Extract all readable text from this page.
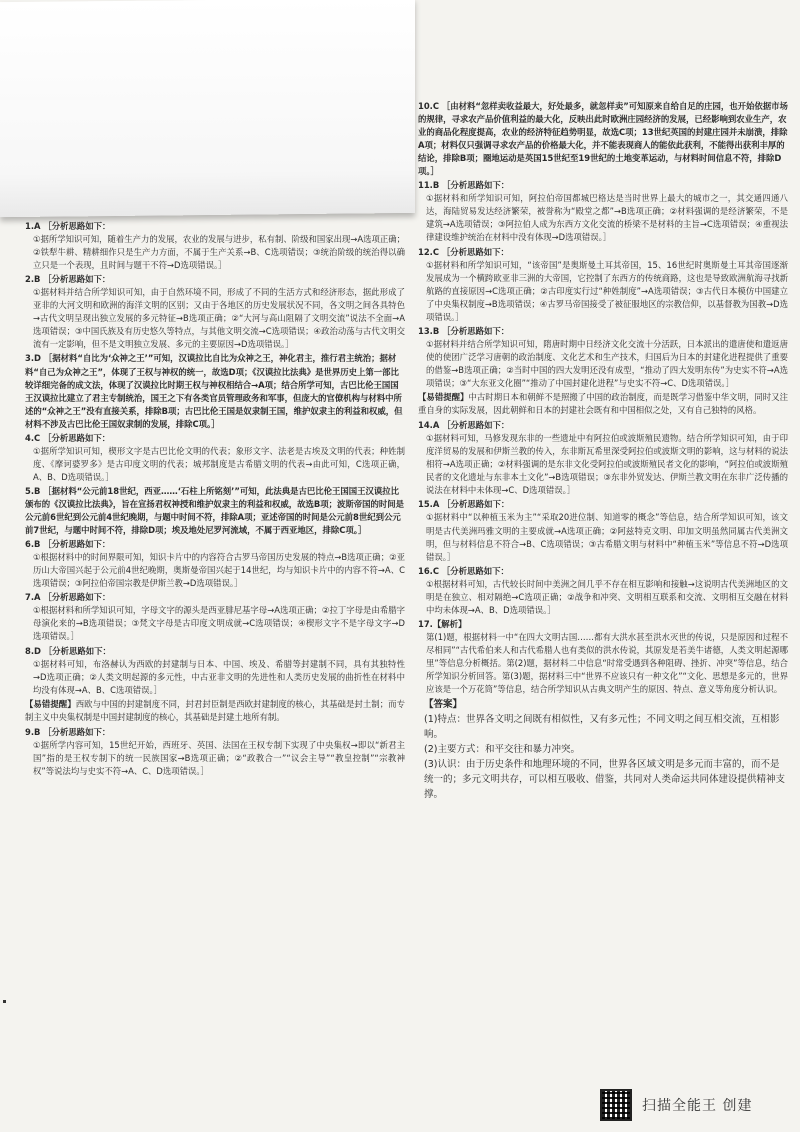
1.A ［分析思路如下：
①据所学知识可知，随着生产力的发展，农业的发展与进步，私有制、阶级和国家出现→A选项正确；②铁犁牛耕、精耕细作只是生产力方面，不属于生产关系→B、C选项错误；③统治阶级的统治得以确立只是一个表现，且时间与题干不符→D选项错误。］
2.B ［分析思路如下：
①据材料并结合所学知识可知，由于自然环境不同，形成了不同的生活方式和经济形态，据此形成了亚非的大河文明和欧洲的海洋文明的区别；又由于各地区的历史发展状况不同，各文明之间各具特色→古代文明呈现出独立发展的多元特征→B选项正确；②“大河与高山阻隔了文明交流”说法不全面→A选项错误；③中国氏族及有历史悠久等特点，与其他文明交流→C选项错误；④政治动荡与古代文明交流有一定影响，但不是文明独立发展、多元的主要原因→D选项错误。］
3.D ［据材料“自比为‘众神之王’”可知，汉谟拉比自比为众神之王，神化君主，推行君主统治；据材料“自己为众神之王”，体现了王权与神权的统一，故选D项；《汉谟拉比法典》是世界历史上第一部比较详细完备的成文法，体现了汉谟拉比时期王权与神权相结合→A项；结合所学可知，古巴比伦王国国王汉谟拉比建立了君主专制统治，国王之下有各类官员管理政务和军事，但庞大的官僚机构与材料中所述的“众神之王”没有直接关系，排除B项；古巴比伦王国是奴隶制王国，维护奴隶主的利益和权威，但材料不涉及古巴比伦王国奴隶制的发展，排除C项。］
4.C ［分析思路如下：
①据所学知识可知，楔形文字是古巴比伦文明的代表；象形文字、法老是古埃及文明的代表；种姓制度、《摩诃婆罗多》是古印度文明的代表；城邦制度是古希腊文明的代表→由此可知，C选项正确，A、B、D选项错误。］
5.B ［据材料“公元前18世纪，西亚……‘石柱上所铭刻’”可知，此法典是古巴比伦王国国王汉谟拉比颁布的《汉谟拉比法典》，旨在宣扬君权神授和维护奴隶主的利益和权威，故选B项；波斯帝国的时间是公元前6世纪到公元前4世纪晚期，与题中时间不符，排除A项；亚述帝国的时间是公元前8世纪到公元前7世纪，与题中时间不符，排除D项；埃及地处尼罗河流域，不属于西亚地区，排除C项。］
6.B ［分析思路如下：
①根据材料中的时间界限可知，知识卡片中的内容符合古罗马帝国历史发展的特点→B选项正确；②亚历山大帝国兴起于公元前4世纪晚期，奥斯曼帝国兴起于14世纪，均与知识卡片中的内容不符→A、C选项错误；③阿拉伯帝国宗教是伊斯兰教→D选项错误。］
7.A ［分析思路如下：
①根据材料和所学知识可知，字母文字的源头是西亚腓尼基字母→A选项正确；②拉丁字母是由希腊字母演化来的→B选项错误；③梵文字母是古印度文明成就→C选项错误；④楔形文字不是字母文字→D选项错误。］
8.D ［分析思路如下：
①据材料可知，布洛赫认为西欧的封建制与日本、中国、埃及、希腊等封建制不同，具有其独特性→D选项正确；②人类文明起源的多元性，中古亚非文明的先进性和人类历史发展的曲折性在材料中均没有体现→A、B、C选项错误。］
【易错提醒】西欧与中国的封建制度不同，封君封臣制是西欧封建制度的核心，其基础是封土制；而专制主义中央集权制是中国封建制度的核心，其基础是封建土地所有制。
9.B ［分析思路如下：
①据所学内容可知，15世纪开始，西班牙、英国、法国在王权专制下实现了中央集权→即以“新君主国”指的是王权专制下的统一民族国家→B选项正确；②“政教合一”“议会主导”“教皇控制”“宗教神权”等说法均与史实不符→A、C、D选项错误。］
10.C ［由材料“忽样卖收益最大，好处最多，就忽样卖”可知原来自给自足的庄园，也开始依据市场的规律，寻求农产品价值利益的最大化，反映出此时欧洲庄园经济的发展，已经影响到农业生产，农业的商品化程度提高，农业的经济特征趋势明显，故选C项；13世纪英国的封建庄园并未崩溃，排除A项；材料仅只强调寻求农产品的价格最大化，并不能表现商人的能依此获利，不能得出获利丰厚的结论，排除B项；圈地运动是英国15世纪至19世纪的土地变革运动，与材料时间信息不符，排除D项。］
11.B ［分析思路如下：
①据材料和所学知识可知，阿拉伯帝国都城巴格达是当时世界上最大的城市之一，其交通四通八达，海陆贸易发达经济繁荣，被誉称为“殿堂之都”→B选项正确；②材料强调的是经济繁荣，不是建筑→A选项错误；③阿拉伯人成为东西方文化交流的桥梁不是材料的主旨→C选项错误；④重视法律建设维护统治在材料中没有体现→D选项错误。］
12.C ［分析思路如下：
①据材料和所学知识可知，“该帝国”是奥斯曼土耳其帝国，15、16世纪时奥斯曼土耳其帝国逐渐发展成为一个横跨欧亚非三洲的大帝国，它控制了东西方的传统商路，这也是导致欧洲航海寻找新航路的直接原因→C选项正确；②古印度实行过“种姓制度”→A选项错误；③古代日本模仿中国建立了中央集权制度→B选项错误；④古罗马帝国接受了被征服地区的宗教信仰，以基督教为国教→D选项错误。］
13.B ［分析思路如下：
①据材料并结合所学知识可知，隋唐时期中日经济文化交流十分活跃，日本派出的遣唐使和遣返唐使的使团广泛学习唐朝的政治制度、文化艺术和生产技术，归国后为日本的封建化进程提供了重要的借鉴→B选项正确；②当时中国的四大发明还没有成型，“推动了四大发明东传”为史实不符→A选项错误；③“大东亚文化圈”“推动了中国封建化进程”与史实不符→C、D选项错误。］
【易错提醒】中古时期日本和朝鲜不是照搬了中国的政治制度，而是既学习借鉴中华文明，同时又注重自身的实际发展，因此朝鲜和日本的封建社会既有和中国相似之处，又有自己独特的风格。
14.A ［分析思路如下：
①据材料可知，马修发现东非的一些遗址中有阿拉伯或波斯殖民遗物。结合所学知识可知，由于印度洋贸易的发展和伊斯兰教的传入，东非斯瓦希里深受阿拉伯或波斯文明的影响，这与材料的说法相符→A选项正确；②材料强调的是东非文化受阿拉伯或波斯殖民者文化的影响，“阿拉伯或波斯殖民者的文化遗址与东非本土文化”→B选项错误；③东非外贸发达、伊斯兰教文明在东非广泛传播的说法在材料中未体现→C、D选项错误。］
15.A ［分析思路如下：
①据材料中“以种植玉米为主”“采取20进位制、知道零的概念”等信息，结合所学知识可知，该文明是古代美洲玛雅文明的主要成就→A选项正确；②阿兹特克文明、印加文明虽然同属古代美洲文明，但与材料信息不符合→B、C选项错误；③古希腊文明与材料中“种植玉米”等信息不符→D选项错误。］
16.C ［分析思路如下：
①根据材料可知，古代较长时间中美洲之间几乎不存在相互影响和接触→这说明古代美洲地区的文明是在独立、相对隔绝→C选项正确；②战争和冲突、文明相互联系和交流、文明相互交融在材料中均未体现→A、B、D选项错误。］
17.【解析】
第(1)题，根据材料一中“在四大文明古国……都有大洪水甚至洪水灭世的传说，只是原因和过程不尽相同”“古代希伯来人和古代希腊人也有类似的洪水传说，其原发是若美牛诸德，人类文明起源哪里”等信息分析概括。第(2)题，据材料二中信息“时常受遇到各种阻碍、挫折、冲突”等信息，结合所学知识分析回答。第(3)题，据材料三中“世界不应该只有一种文化”“文化、思想是多元的，世界应该是一个万花筒”等信息，结合所学知识从古典文明产生的原因、特点、意义等角度分析认识。
【答案】
(1)特点：世界各文明之间既有相似性，又有多元性；不同文明之间互相交流，互相影响。
(2)主要方式：和平交往和暴力冲突。
(3)认识：由于历史条件和地理环境的不同，世界各区域文明是多元而丰富的，而不是统一的；多元文明共存，可以相互吸收、借鉴，共同对人类命运共同体建设提供精神支撑。
扫描全能王 创建
